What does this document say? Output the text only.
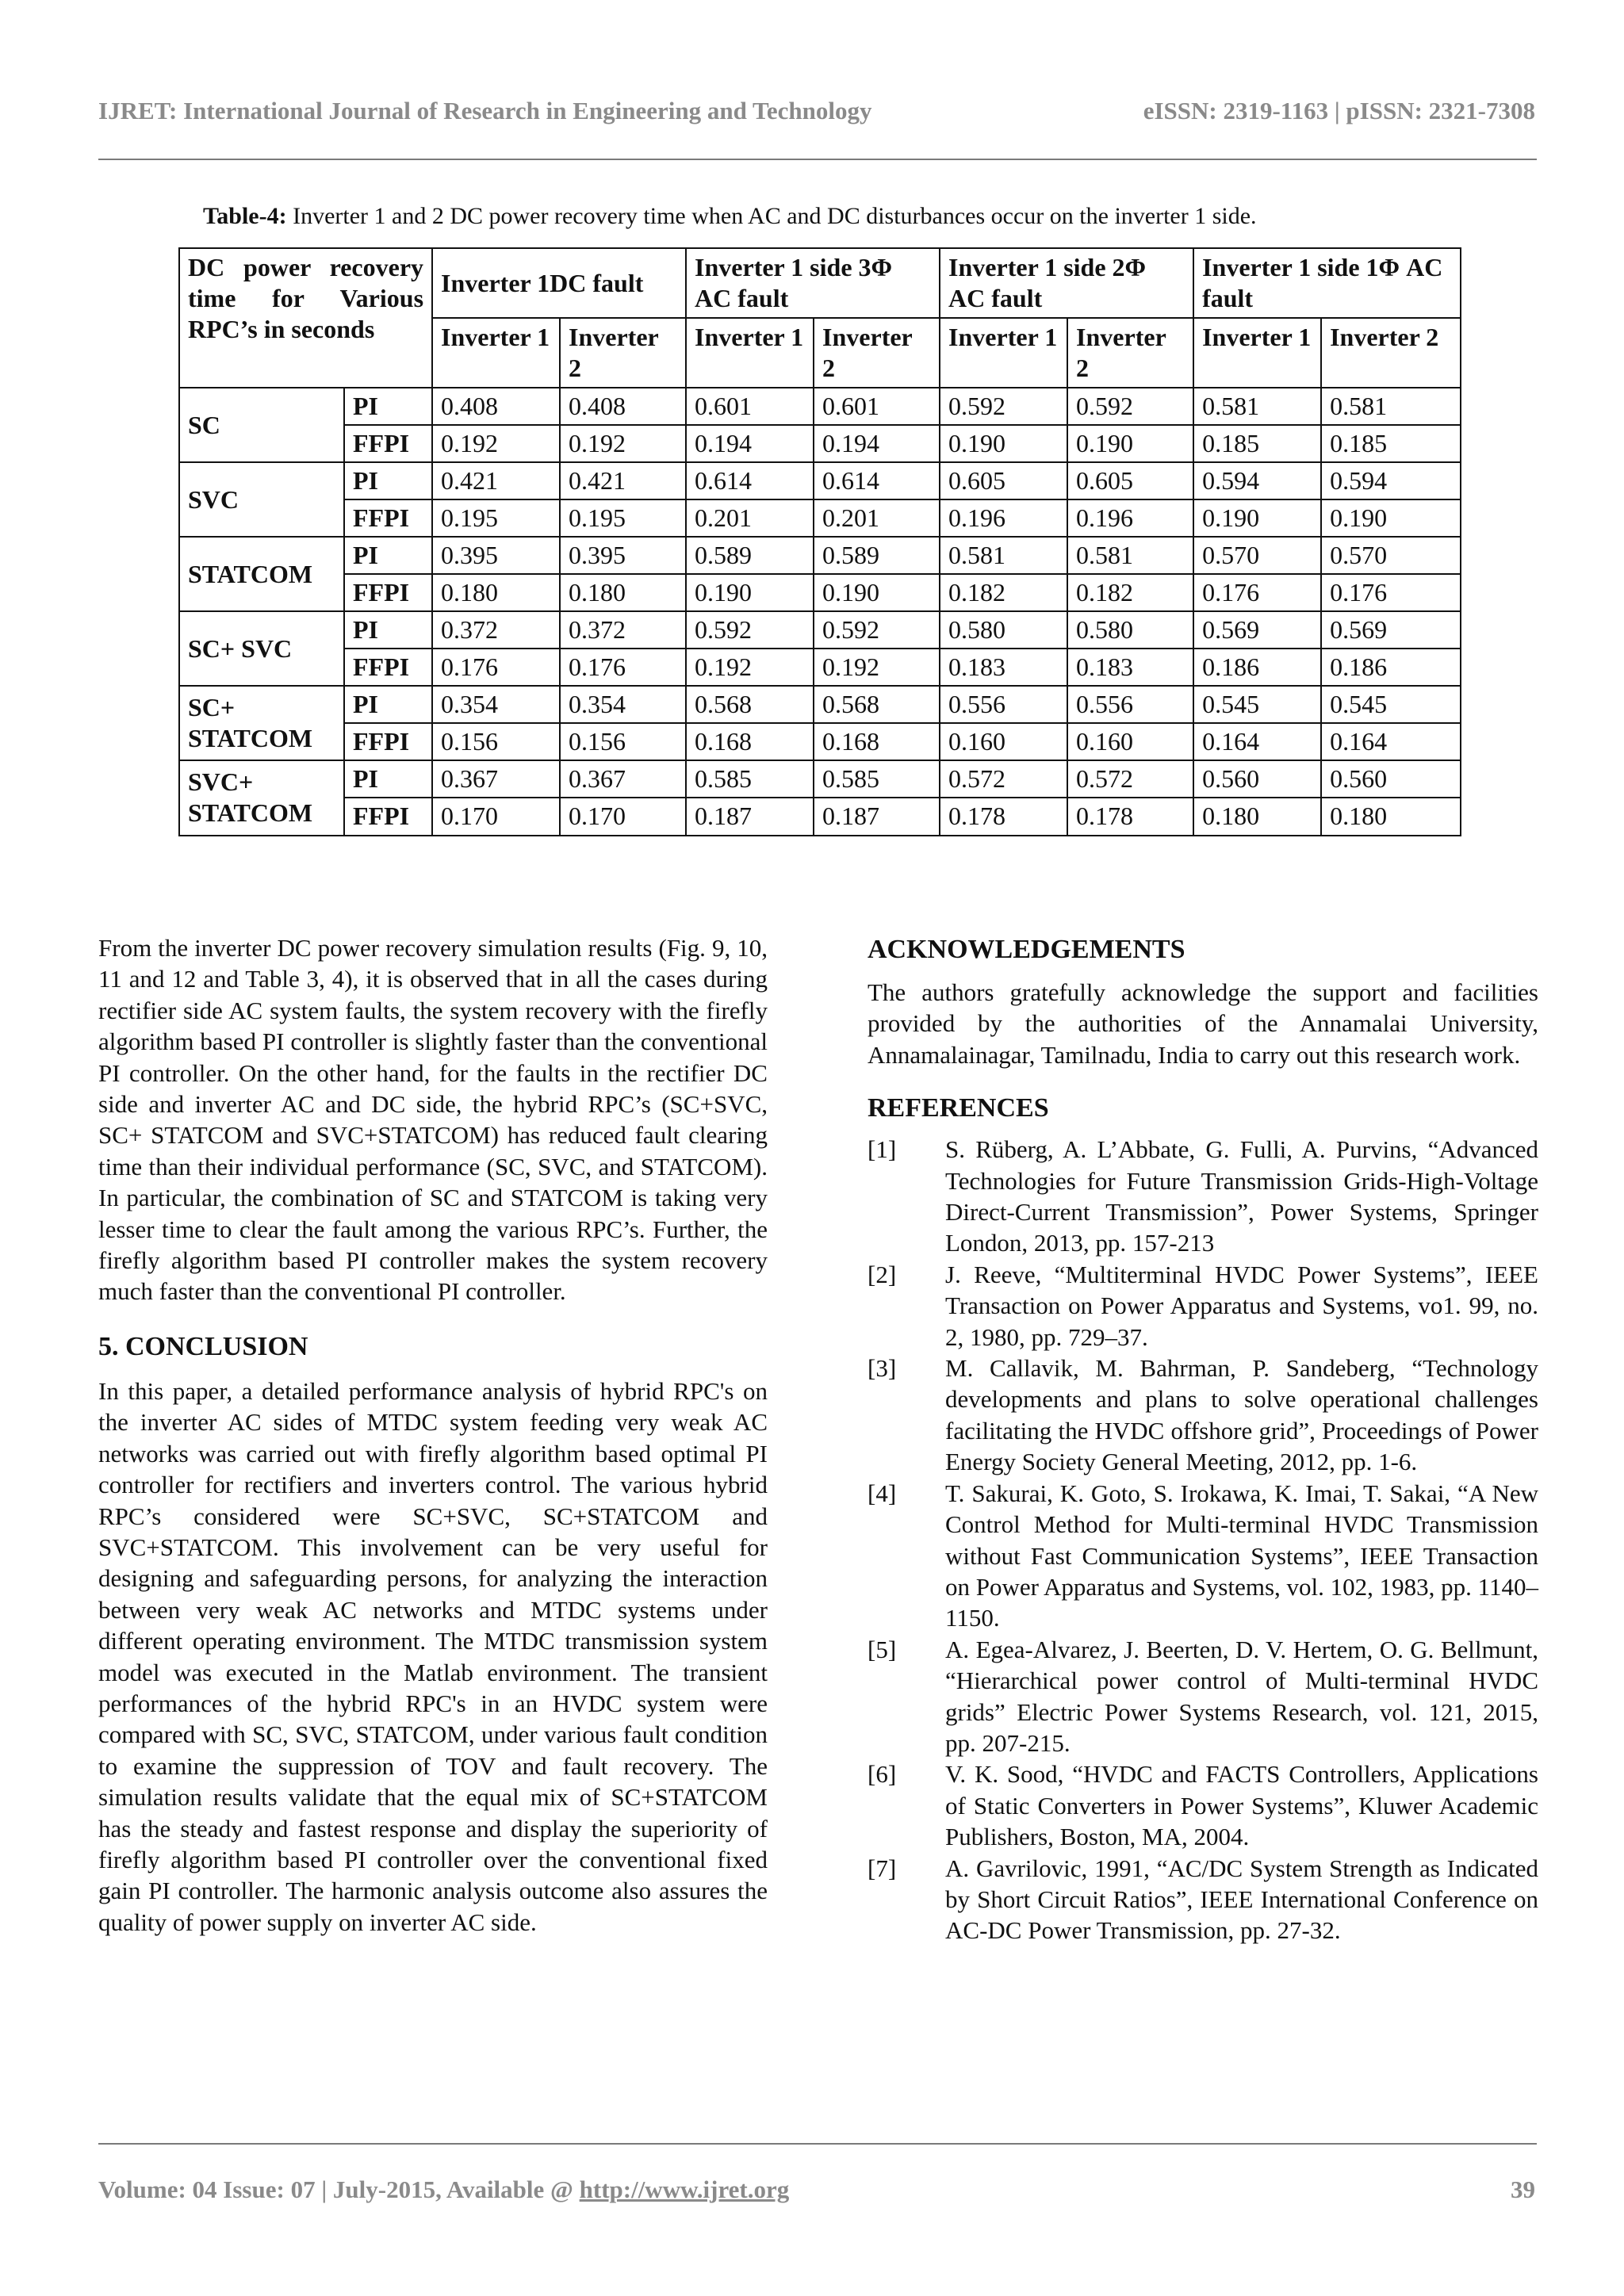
IJRET: International Journal of Research in Engineering and Technology	eISSN: 2319-1163 | pISSN: 2321-7308
Table-4: Inverter 1 and 2 DC power recovery time when AC and DC disturbances occur on the inverter 1 side.
DC power recovery time for Various RPC’s in seconds		Inverter 1DC fault		Inverter 1 side 3Φ AC fault		Inverter 1 side 2Φ AC fault		Inverter 1 side 1Φ AC fault	
		Inverter 1	Inverter 2	Inverter 1	Inverter 2	Inverter 1	Inverter 2	Inverter 1	Inverter 2
SC	PI	0.408	0.408	0.601	0.601	0.592	0.592	0.581	0.581
	FFPI	0.192	0.192	0.194	0.194	0.190	0.190	0.185	0.185
SVC	PI	0.421	0.421	0.614	0.614	0.605	0.605	0.594	0.594
	FFPI	0.195	0.195	0.201	0.201	0.196	0.196	0.190	0.190
STATCOM	PI	0.395	0.395	0.589	0.589	0.581	0.581	0.570	0.570
	FFPI	0.180	0.180	0.190	0.190	0.182	0.182	0.176	0.176
SC+ SVC	PI	0.372	0.372	0.592	0.592	0.580	0.580	0.569	0.569
	FFPI	0.176	0.176	0.192	0.192	0.183	0.183	0.186	0.186
SC+ STATCOM	PI	0.354	0.354	0.568	0.568	0.556	0.556	0.545	0.545
	FFPI	0.156	0.156	0.168	0.168	0.160	0.160	0.164	0.164
SVC+ STATCOM	PI	0.367	0.367	0.585	0.585	0.572	0.572	0.560	0.560
	FFPI	0.170	0.170	0.187	0.187	0.178	0.178	0.180	0.180

From the inverter DC power recovery simulation results (Fig. 9, 10, 11 and 12 and Table 3, 4), it is observed that in all the cases during rectifier side AC system faults, the system recovery with the firefly algorithm based PI controller is slightly faster than the conventional PI controller. On the other hand, for the faults in the rectifier DC side and inverter AC and DC side, the hybrid RPC’s (SC+SVC, SC+ STATCOM and SVC+STATCOM) has reduced fault clearing time than their individual performance (SC, SVC, and STATCOM). In particular, the combination of SC and STATCOM is taking very lesser time to clear the fault among the various RPC’s. Further, the firefly algorithm based PI controller makes the system recovery much faster than the conventional PI controller.

5. CONCLUSION

In this paper, a detailed performance analysis of hybrid RPC's on the inverter AC sides of MTDC system feeding very weak AC networks was carried out with firefly algorithm based optimal PI controller for rectifiers and inverters control. The various hybrid RPC’s considered were SC+SVC, SC+STATCOM and SVC+STATCOM. This involvement can be very useful for designing and safeguarding persons, for analyzing the interaction between very weak AC networks and MTDC systems under different operating environment. The MTDC transmission system model was executed in the Matlab environment. The transient performances of the hybrid RPC's in an HVDC system were compared with SC, SVC, STATCOM, under various fault condition to examine the suppression of TOV and fault recovery. The simulation results validate that the equal mix of SC+STATCOM has the steady and fastest response and display the superiority of firefly algorithm based PI controller over the conventional fixed gain PI controller. The harmonic analysis outcome also assures the quality of power supply on inverter AC side.

ACKNOWLEDGEMENTS

The authors gratefully acknowledge the support and facilities provided by the authorities of the Annamalai University, Annamalainagar, Tamilnadu, India to carry out this research work.

REFERENCES

[1] S. Rüberg, A. L’Abbate, G. Fulli, A. Purvins, “Advanced Technologies for Future Transmission Grids-High-Voltage Direct-Current Transmission”, Power Systems, Springer London, 2013, pp. 157-213

[2] J. Reeve, “Multiterminal HVDC Power Systems”, IEEE Transaction on Power Apparatus and Systems, vo1. 99, no. 2, 1980, pp. 729–37.

[3] M. Callavik, M. Bahrman, P. Sandeberg, “Technology developments and plans to solve operational challenges facilitating the HVDC offshore grid”, Proceedings of Power Energy Society General Meeting, 2012, pp. 1-6.

[4] T. Sakurai, K. Goto, S. Irokawa, K. Imai, T. Sakai, “A New Control Method for Multi-terminal HVDC Transmission without Fast Communication Systems”, IEEE Transaction on Power Apparatus and Systems, vol. 102, 1983, pp. 1140–1150.

[5] A. Egea-Alvarez, J. Beerten, D. V. Hertem, O. G. Bellmunt, “Hierarchical power control of Multi-terminal HVDC grids” Electric Power Systems Research, vol. 121, 2015, pp. 207-215.

[6] V. K. Sood, “HVDC and FACTS Controllers, Applications of Static Converters in Power Systems”, Kluwer Academic Publishers, Boston, MA, 2004.

[7] A. Gavrilovic, 1991, “AC/DC System Strength as Indicated by Short Circuit Ratios”, IEEE International Conference on AC-DC Power Transmission, pp. 27-32.

Volume: 04 Issue: 07 | July-2015, Available @ http://www.ijret.org	39
